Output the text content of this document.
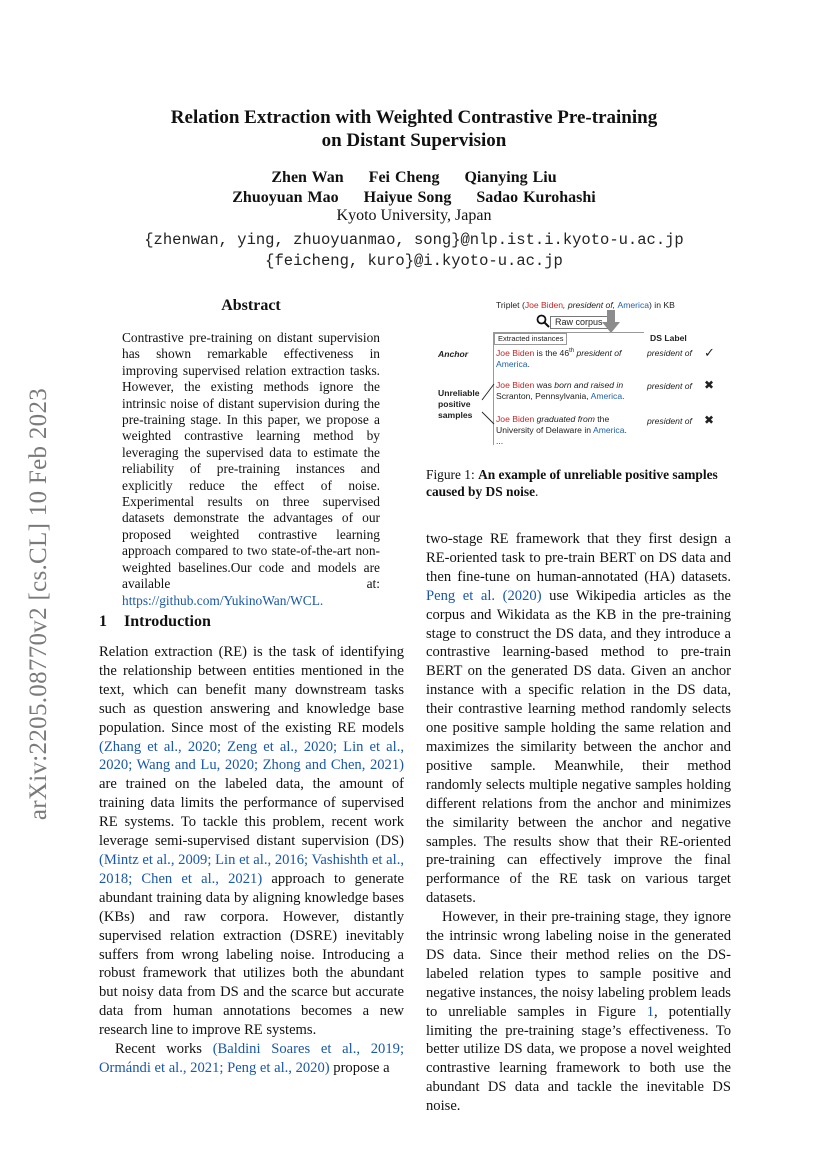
arXiv:2205.08770v2 [cs.CL] 10 Feb 2023
Relation Extraction with Weighted Contrastive Pre-training
on Distant Supervision
Zhen Wan Fei Cheng Qianying Liu
Zhuoyuan Mao Haiyue Song Sadao Kurohashi
Kyoto University, Japan
{zhenwan, ying, zhuoyuanmao, song}@nlp.ist.i.kyoto-u.ac.jp
{feicheng, kuro}@i.kyoto-u.ac.jp
Abstract
Contrastive pre-training on distant supervision has shown remarkable effectiveness in improving supervised relation extraction tasks. However, the existing methods ignore the intrinsic noise of distant supervision during the pre-training stage. In this paper, we propose a weighted contrastive learning method by leveraging the supervised data to estimate the reliability of pre-training instances and explicitly reduce the effect of noise. Experimental results on three supervised datasets demonstrate the advantages of our proposed weighted contrastive learning approach compared to two state-of-the-art non-weighted baselines.Our code and models are available at: https://github.com/YukinoWan/WCL.
1 Introduction

Relation extraction (RE) is the task of identifying the relationship between entities mentioned in the text, which can benefit many downstream tasks such as question answering and knowledge base population. Since most of the existing RE models (Zhang et al., 2020; Zeng et al., 2020; Lin et al., 2020; Wang and Lu, 2020; Zhong and Chen, 2021) are trained on the labeled data, the amount of training data limits the performance of supervised RE systems. To tackle this problem, recent work leverage semi-supervised distant supervision (DS) (Mintz et al., 2009; Lin et al., 2016; Vashishth et al., 2018; Chen et al., 2021) approach to generate abundant training data by aligning knowledge bases (KBs) and raw corpora. However, distantly supervised relation extraction (DSRE) inevitably suffers from wrong labeling noise. Introducing a robust framework that utilizes both the abundant but noisy data from DS and the scarce but accurate data from human annotations becomes a new research line to improve RE systems.

Recent works (Baldini Soares et al., 2019; Ormándi et al., 2021; Peng et al., 2020) propose a

Triplet (Joe Biden, president of, America) in KB
Raw corpus
DS Label
Extracted instances
Anchor	Joe Biden is the 46th president of
America.
president of ✓
Unreliable
positive
samples
Joe Biden was born and raised in
Scranton, Pennsylvania, America.
president of ✖
Joe Biden graduated from the
University of Delaware in America.
...
president of ✖
Figure 1: An example of unreliable positive samples caused by DS noise.

two-stage RE framework that they first design a RE-oriented task to pre-train BERT on DS data and then fine-tune on human-annotated (HA) datasets. Peng et al. (2020) use Wikipedia articles as the corpus and Wikidata as the KB in the pre-training stage to construct the DS data, and they introduce a contrastive learning-based method to pre-train BERT on the generated DS data. Given an anchor instance with a specific relation in the DS data, their contrastive learning method randomly selects one positive sample holding the same relation and maximizes the similarity between the anchor and positive sample. Meanwhile, their method randomly selects multiple negative samples holding different relations from the anchor and minimizes the similarity between the anchor and negative samples. The results show that their RE-oriented pre-training can effectively improve the final performance of the RE task on various target datasets.

However, in their pre-training stage, they ignore the intrinsic wrong labeling noise in the generated DS data. Since their method relies on the DS-labeled relation types to sample positive and negative instances, the noisy labeling problem leads to unreliable samples in Figure 1, potentially limiting the pre-training stage’s effectiveness. To better utilize DS data, we propose a novel weighted contrastive learning framework to both use the abundant DS data and tackle the inevitable DS noise.
